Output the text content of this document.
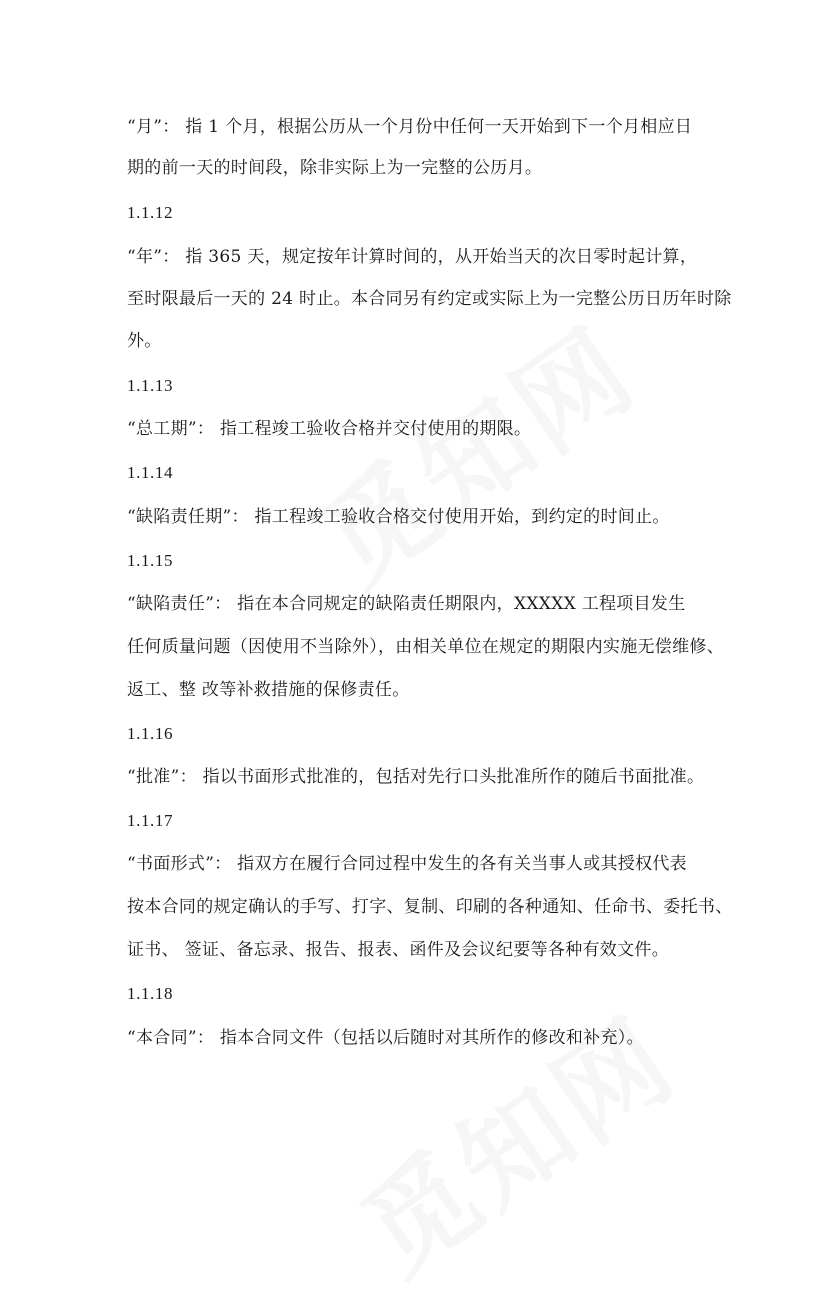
“月”： 指 1 个月，根据公历从一个月份中任何一天开始到下一个月相应日
期的前一天的时间段，除非实际上为一完整的公历月。
1.1.12
“年”： 指 365 天，规定按年计算时间的，从开始当天的次日零时起计算，
至时限最后一天的 24 时止。本合同另有约定或实际上为一完整公历日历年时除
外。
1.1.13
“总工期”： 指工程竣工验收合格并交付使用的期限。
1.1.14
“缺陷责任期”： 指工程竣工验收合格交付使用开始，到约定的时间止。
1.1.15
“缺陷责任”： 指在本合同规定的缺陷责任期限内，XXXXX 工程项目发生
任何质量问题（因使用不当除外），由相关单位在规定的期限内实施无偿维修、
返工、整 改等补救措施的保修责任。
1.1.16
“批准”： 指以书面形式批准的，包括对先行口头批准所作的随后书面批准。
1.1.17
“书面形式”： 指双方在履行合同过程中发生的各有关当事人或其授权代表
按本合同的规定确认的手写、打字、复制、印刷的各种通知、任命书、委托书、
证书、 签证、备忘录、报告、报表、函件及会议纪要等各种有效文件。
1.1.18
“本合同”： 指本合同文件（包括以后随时对其所作的修改和补充）。
